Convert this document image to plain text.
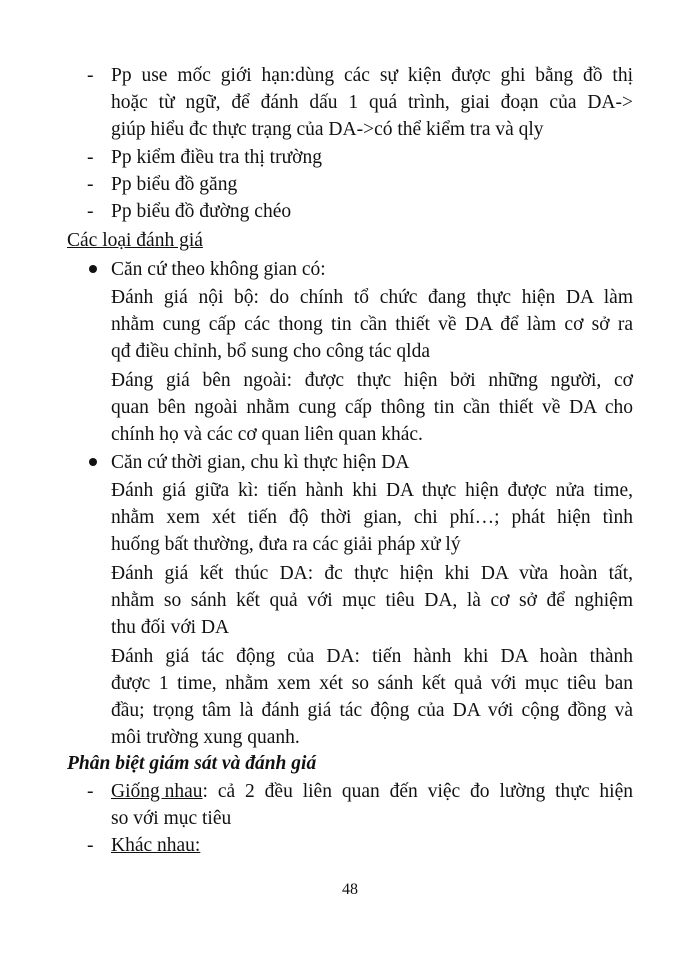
- Pp use mốc giới hạn:dùng các sự kiện được ghi bằng đồ thị
hoặc từ ngữ, để đánh dấu 1 quá trình, giai đoạn của DA->
giúp hiểu đc thực trạng của DA->có thể kiểm tra và qly
- Pp kiểm điều tra thị trường
- Pp biểu đồ găng
- Pp biểu đồ đường chéo
Các loại đánh giá
Căn cứ theo không gian có:
Đánh giá nội bộ: do chính tổ chức đang thực hiện DA làm
nhằm cung cấp các thong tin cần thiết về DA để làm cơ sở ra
qđ điều chỉnh, bổ sung cho công tác qlda
Đáng giá bên ngoài: được thực hiện bởi những người, cơ
quan bên ngoài nhằm cung cấp thông tin cần thiết về DA cho
chính họ và các cơ quan liên quan khác.
Căn cứ thời gian, chu kì thực hiện DA
Đánh giá giữa kì: tiến hành khi DA thực hiện được nửa time,
nhằm xem xét tiến độ thời gian, chi phí…; phát hiện tình
huống bất thường, đưa ra các giải pháp xử lý
Đánh giá kết thúc DA: đc thực hiện khi DA vừa hoàn tất,
nhằm so sánh kết quả với mục tiêu DA, là cơ sở để nghiệm
thu đối với DA
Đánh giá tác động của DA: tiến hành khi DA hoàn thành
được 1 time, nhằm xem xét so sánh kết quả với mục tiêu ban
đầu; trọng tâm là đánh giá tác động của DA với cộng đồng và
môi trường xung quanh.
Phân biệt giám sát và đánh giá
- Giống nhau : cả 2 đều liên quan đến việc đo lường thực hiện
so với mục tiêu
- Khác nhau:
48
